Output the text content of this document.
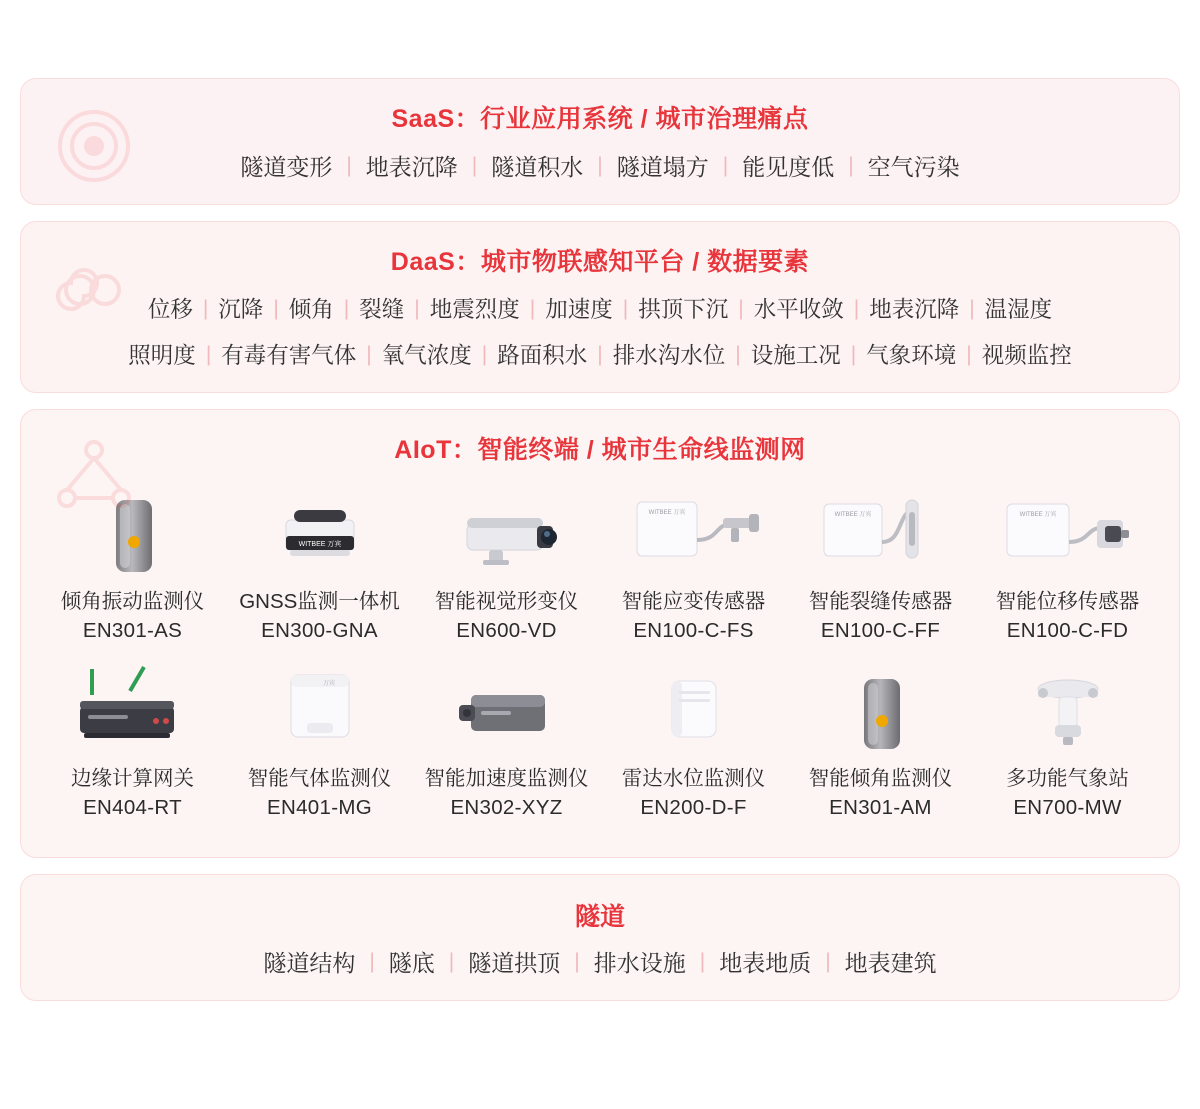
SaaS：行业应用系统 / 城市治理痛点
隧道变形 | 地表沉降 | 隧道积水 | 隧道塌方 | 能见度低 | 空气污染
DaaS：城市物联感知平台 / 数据要素
位移 | 沉降 | 倾角 | 裂缝 | 地震烈度 | 加速度 | 拱顶下沉 | 水平收敛 | 地表沉降 | 温湿度
照明度 | 有毒有害气体 | 氧气浓度 | 路面积水 | 排水沟水位 | 设施工况 | 气象环境 | 视频监控
AIoT：智能终端 / 城市生命线监测网
倾角振动监测仪
EN301-AS
WITBEE 万宾
GNSS监测一体机
EN300-GNA
智能视觉形变仪
EN600-VD
WITBEE 万宾
智能应变传感器
EN100-C-FS
WITBEE 万宾
智能裂缝传感器
EN100-C-FF
WITBEE 万宾
智能位移传感器
EN100-C-FD
边缘计算网关
EN404-RT
万宾
智能气体监测仪
EN401-MG
智能加速度监测仪
EN302-XYZ
雷达水位监测仪
EN200-D-F
智能倾角监测仪
EN301-AM
多功能气象站
EN700-MW
隧道
隧道结构 | 隧底 | 隧道拱顶 | 排水设施 | 地表地质 | 地表建筑
